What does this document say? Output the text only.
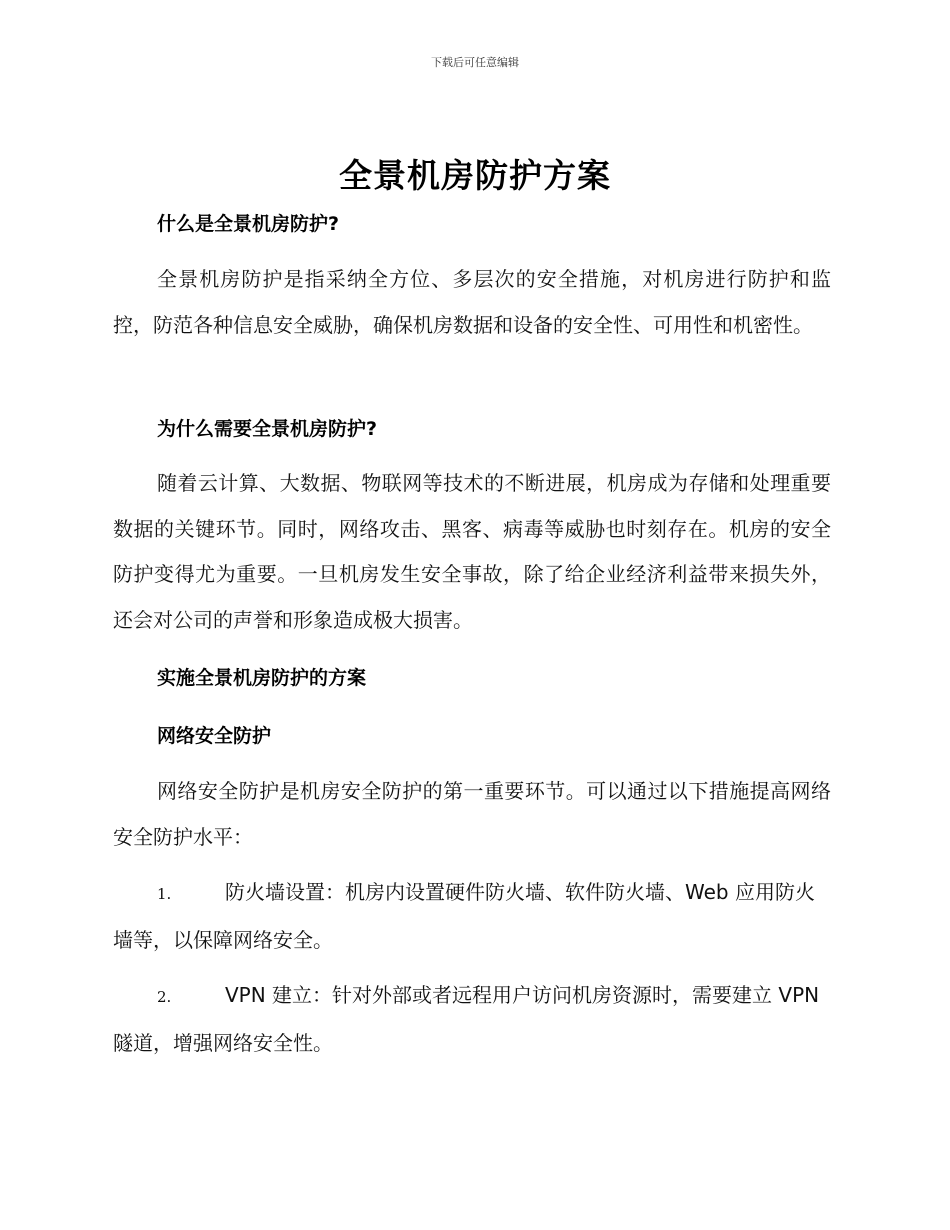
下载后可任意编辑
全景机房防护方案
什么是全景机房防护?
全景机房防护是指采纳全方位、多层次的安全措施，对机房进行防护和监控，防范各种信息安全威胁，确保机房数据和设备的安全性、可用性和机密性。
为什么需要全景机房防护?
随着云计算、大数据、物联网等技术的不断进展，机房成为存储和处理重要数据的关键环节。同时，网络攻击、黑客、病毒等威胁也时刻存在。机房的安全防护变得尤为重要。一旦机房发生安全事故，除了给企业经济利益带来损失外，还会对公司的声誉和形象造成极大损害。
实施全景机房防护的方案
网络安全防护
网络安全防护是机房安全防护的第一重要环节。可以通过以下措施提高网络安全防护水平：
1.	防火墙设置：机房内设置硬件防火墙、软件防火墙、Web 应用防火墙等，以保障网络安全。
2.	VPN 建立：针对外部或者远程用户访问机房资源时，需要建立 VPN 隧道，增强网络安全性。
